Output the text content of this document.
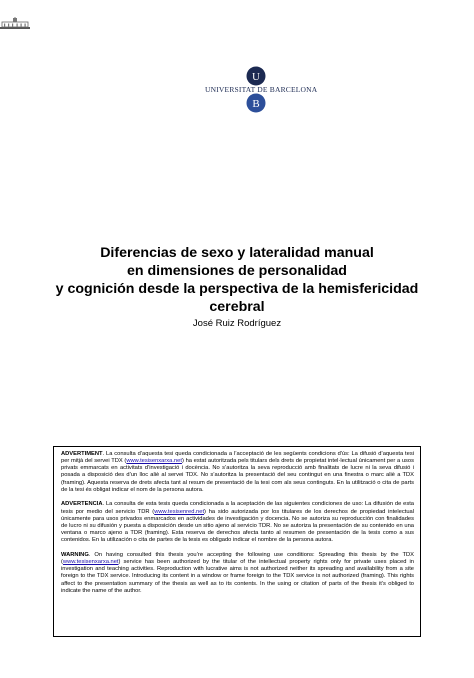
U
B
UNIVERSITAT DE BARCELONA
Diferencias de sexo y lateralidad manual
en dimensiones de personalidad
y cognición desde la perspectiva de la hemisfericidad
cerebral
José Ruiz Rodríguez

ADVERTIMENT. La consulta d’aquesta tesi queda condicionada a l’acceptació de les següents condicions d'ús: La difusió d’aquesta tesi per mitjà del servei TDX (www.tesisenxarxa.net) ha estat autoritzada pels titulars dels drets de propietat intel·lectual únicament per a usos privats emmarcats en activitats d’investigació i docència. No s’autoritza la seva reproducció amb finalitats de lucre ni la seva difusió i posada a disposició des d’un lloc aliè al servei TDX. No s’autoritza la presentació del seu contingut en una finestra o marc aliè a TDX (framing). Aquesta reserva de drets afecta tant al resum de presentació de la tesi com als seus continguts. En la utilització o cita de parts de la tesi és obligat indicar el nom de la persona autora.

ADVERTENCIA. La consulta de esta tesis queda condicionada a la aceptación de las siguientes condiciones de uso: La difusión de esta tesis por medio del servicio TDR (www.tesisenred.net) ha sido autorizada por los titulares de los derechos de propiedad intelectual únicamente para usos privados enmarcados en actividades de investigación y docencia. No se autoriza su reproducción con finalidades de lucro ni su difusión y puesta a disposición desde un sitio ajeno al servicio TDR. No se autoriza la presentación de su contenido en una ventana o marco ajeno a TDR (framing). Esta reserva de derechos afecta tanto al resumen de presentación de la tesis como a sus contenidos. En la utilización o cita de partes de la tesis es obligado indicar el nombre de la persona autora.

WARNING. On having consulted this thesis you’re accepting the following use conditions: Spreading this thesis by the TDX (www.tesisenxarxa.net) service has been authorized by the titular of the intellectual property rights only for private uses placed in investigation and teaching activities. Reproduction with lucrative aims is not authorized neither its spreading and availability from a site foreign to the TDX service. Introducing its content in a window or frame foreign to the TDX service is not authorized (framing). This rights affect to the presentation summary of the thesis as well as to its contents. In the using or citation of parts of the thesis it’s obliged to indicate the name of the author.
